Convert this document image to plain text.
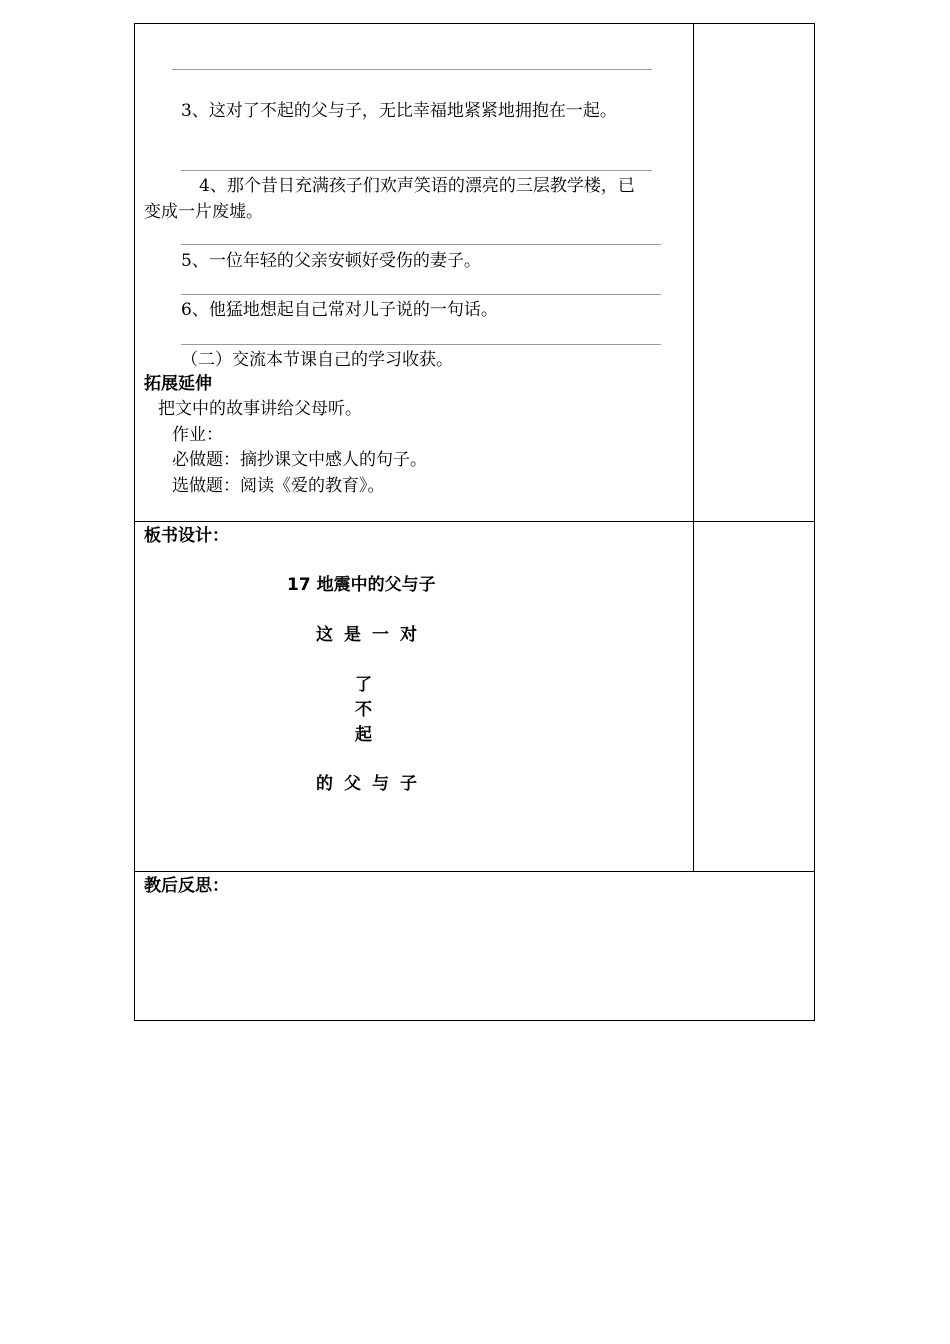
3、这对了不起的父与子，无比幸福地紧紧地拥抱在一起。
4、那个昔日充满孩子们欢声笑语的漂亮的三层教学楼，已
变成一片废墟。
5、一位年轻的父亲安顿好受伤的妻子。
6、他猛地想起自己常对儿子说的一句话。
（二）交流本节课自己的学习收获。
拓展延伸
把文中的故事讲给父母听。
作业：
必做题：摘抄课文中感人的句子。
选做题：阅读《爱的教育》。
板书设计：
17 地震中的父与子
这是一对
了
不
起
的父与子
教后反思：
